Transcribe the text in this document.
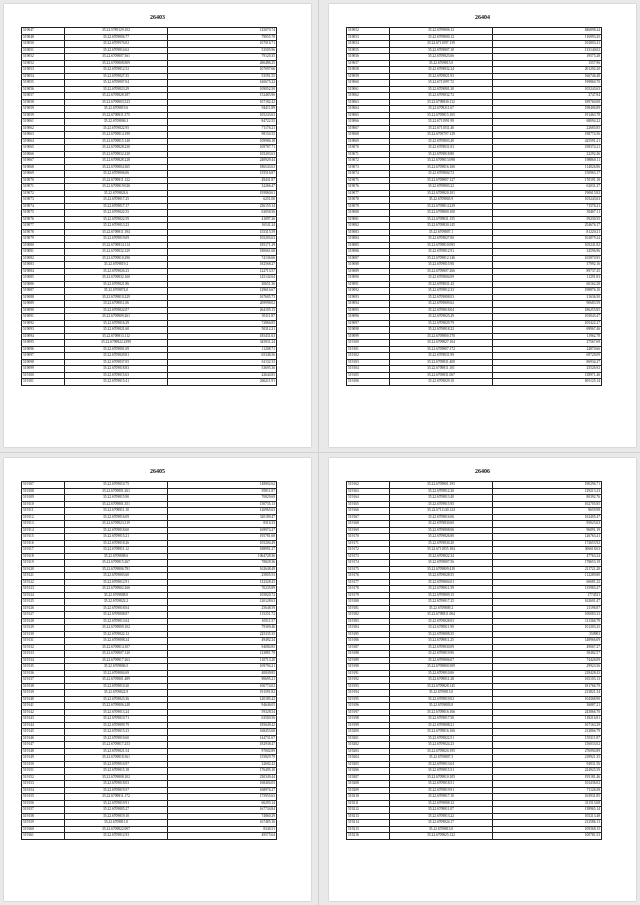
26403
519047	35.22.5789129.102	125070.74
519048	35.22.6709806.77	79055.78
519050	35.22.6709976.02	107016.71
519051	35.22.6709814.62	53505.96
519052	35.22.6709807.561	79120.35
519052	35.22.6709808.809	266486.25
519053	35.22.6709812.52	107097.66
519054	35.22.6709827.35	53591.55
519055	35.22.6709807.04	610675.22
519056	35.22.6709823.29	109052.50
519057	35.22.6709828.187	152483.96
519058	35.22.6709803.523	107182.42
519059	35.22.6709819.6	94411.89
519059	35.22.6709811.375	105243.63
519061	35.22.6709806.3	84722.55
519062	35.22.6709822.95	71176.21
519063	35.22.6709814.190	98154.55
519064	35.22.6709815.140	109986.18
519065	35.22.6709828.230	109787.71
519066	35.22.6709832.230	105203.63
519067	35.22.6709828.228	240929.44
519068	35.22.6709804.365	186543.63
519069	35.22.6709806.06	155516.87
519070	35.22.6709811.122	49431.87
519071	35.22.6709819.026	32266.47
519072	35.22.6709824.6	195860.61
519073	35.22.6709817.25	6251.00
519074	35.22.6709817.17	236155.14
519075	35.22.6709822.55	63058.56
519076	35.22.6709822.59	41097.26
519077	35.22.6709813.23	16541.24
519078	35.22.6709811.194	155315.59
519079	35.22.6709819.09	105203.63
519080	35.22.6709814.114	185171.29
519081	35.22.6709832.129	180661.68
519082	35.22.6709810.296	74136.66
519083	35.22.6709819.2	182568.27
519084	35.22.6709826.23	122713.57
519085	35.22.6709832.160	145142.64
519086	35.22.6709821.86	30651.36
519087	35.22.6709874.0	129616.67
519088	35.22.6709810.229	167605.73
519089	35.22.6709811.06	269998.02
519090	35.22.6709822.07	264105.13
519091	35.22.6709809.261	95111.87
519092	35.22.6709816.29	72866.85
519093	35.22.6709821.60	50312.21
519094	35.22.6709813.112	185431.63
519095	35.22.6709822.2399	345831.24
519096	35.22.6709801.69	11208.71
519097	35.22.6709829.81	65346.56
519098	35.22.6709837.05	61132.33
519099	35.22.6709818.83	53695.36
519100	35.22.6709815.63	42644.85
519101	35.22.6709815.41	266211.91
26404
519052	35.22.6709806.12	846898.24
519053	35.22.6709800.12	116993.45
519054	35.22.6711097.139	102803.41
519055	35.22.6709807.10	133140.02
519056	35.22.6709823.66	19575.28
519057	35.22.6709815.0	1557.96
519058	35.22.6709832.24	201292.20
519059	35.22.6709821.93	166746.48
519060	35.22.6711097.72	199860.70
519061	35.22.6709801.30	105243.63
519062	35.22.6709832.72	2747.84
519063	35.22.6709830.112	189760.08
519064	35.22.6709211.67	198406.89
519065	35.22.6709815.105	191463.78
519066	35.22.6711991.99	68094.22
519067	35.22.6711031.46	22685.85
519068	35.22.6709797.129	198774.56
519069	35.22.6709803.40	425591.21
519070	35.22.6709831.03	198374.21
519071	35.22.6709818.80	22292.46
519072	35.22.6709813.098	198860.11
519073	35.22.6709816.160	114026.86
519074	35.22.6709804.72	150963.17
519075	35.22.6709807.127	170191.18
519076	35.22.6709803.22	62031.27
519077	35.22.6709820.101	190615.82
519078	35.22.6709803.9	105243.63
519079	35.22.6709814.229	71576.21
519080	35.22.6709800.100	39467.11
519081	35.22.6709831.155	59230.55
519082	35.22.6709830.145	254676.17
519083	35.22.6709807.1	81220.21
519084	35.22.6709827.00	102879.24
519085	35.22.6709810.095	105241.82
519086	35.22.6709812.91	34596.96
519087	35.22.6709812.146	165870.95
519088	35.22.6709815.90	37992.16
519089	35.22.6709807.266	89737.45
519090	35.22.6709804.09	11291.83
519091	35.22.6709831.43	60162.28
519092	35.22.6709812.33	198876.10
519093	35.22.6709808.03	21636.50
519094	35.22.6709809.62	90683.59
519095	35.22.6709818.04	186255.85
519096	35.22.6709825.49	105043.47
519097	35.22.6709829.79	105422.27
519098	35.22.6709818.22	69967.46
519099	35.22.6709800.170	11962.78
519100	35.22.6709827.104	27567.69
519101	35.22.6709807.172	24870.66
519102	35.22.6709831.99	69729.09
519103	35.22.6709831.400	86934.27
519104	35.22.6709811.101	25526.92
519105	35.22.6709831.067	138971.46
519106	35.22.6709829.10	691125.14
26405
519107	35.22.6709810.75	148802.62
519108	35.22.6709801.261	95811.87
519109	35.22.6709815.90	70829.69
519110	35.22.6709801.351	150735.13
519111	35.22.6709811.10	126965.63
519112	35.22.6709816.09	320189.47
519113	35.22.6709823.319	8316.33
519114	35.22.6709818.60	169974.27
519115	35.22.6709815.21	195781.68
519116	35.22.6709818.26	105204.49
519117	35.22.6709811.12	188991.27
519118	35.22.6709808.6	1064728.36
519119	35.22.6709815.267	78828.36
519120	35.22.6709806.781	162648.49
519121	35.22.6709803.60	25805.53
519122	35.22.6709812.91	132328.43
519123	35.22.6709802.266	70235.89
519124	35.22.6709808.0	105820.72
519125	35.22.6709822.2	120128.63
519126	35.22.6709818.04	25648.59
519127	35.22.6709808.87	115251.72
519128	35.22.6709813.04	10511.57
519129	35.22.6709809.102	79309.46
519130	35.22.6709822.12	225335.35
519131	35.22.6709808.24	49492.24
519132	35.22.6709814.107	94084.85
519133	35.22.6709807.120	123881.79
519134	35.22.6709817.263	110713.20
519135	35.22.6709806.5	109794.21
519136	35.22.6709804.69	40849.85
519137	35.22.6709801.489	90695.21
519138	35.22.6709810.20	100774.02
519139	35.22.6709822.9	191591.82
519140	35.22.6709823.36	120185.42
519141	35.22.6709806.248	94646.05
519142	35.22.6709813.24	59328.54
519143	35.22.6709810.71	63569.56
519144	35.22.6709809.79	185649.42
519145	35.22.6709815.23	168453.68
519146	35.22.6709810.60	144731.67
519147	35.22.6709817.253	182938.47
519148	35.22.6709821.54	97002.89
519149	35.22.6709818.361	155829.79
519150	35.22.6709816.97	32692.42
519151	35.22.6709815.18	176495.10
519152	35.22.6709808.102	230349.44
519153	35.22.6709818.03	168404.05
519154	35.22.6709819.57	168976.27
519155	35.22.6709811.172	175955.63
519156	35.22.6709819.91	66293.14
519157	35.22.6709805.27	167734.84
519158	35.22.6709819.10	74860.29
519159	35.22.6709811.0	167485.16
519160	35.22.6709822.907	8340.51
519161	35.22.6709812.93	49575.64
26406
519162	35.22.6709801.193	190296.71
519163	35.22.6709812.20	129213.23
519164	35.22.6709813.40	80392.76
519165	35.22.6709815.95	162705.85
519166	35.22.6711140.124	8659.98
519167	35.22.6709816.06	162405.47
519168	35.22.6709830.60	95023.63
519169	35.22.6709808.06	96091.19
519170	35.22.6709826.80	126763.41
519171	35.22.6709830.20	172653.92
519172	35.22.6711855.184	306618.63
519173	35.22.6709822.34	47763.24
519174	35.22.6709807.56	178653.19
519175	35.22.6709809.410	211721.20
519176	35.22.6709828.55	112289.80
519177	35.22.6709804.01	60681.22
519178	35.22.6709811.59	135983.47
519179	35.22.6709809.15	1774531
519180	35.22.6709817.25	162601.47
519181	35.22.6709809.2	21196.87
519182	35.22.6709811.064	100083.33
519183	35.22.6709828.03	111366.79
519184	35.22.6709811.99	101203.25
519185	35.22.6709808.35	350903
519186	35.22.6709811.25	148966.09
519187	35.22.6709830.09	49067.27
519188	35.22.6709819.90	58482.57
519189	35.22.6709806.07	74426.09
519190	35.22.6709800.509	29923.56
519191	35.22.6709810.06	218428.43
519192	35.22.6709811.28	165103.13
519193	35.22.6709828.145	181766.79
519194	35.22.6709813.0	213821.34
519195	35.22.6709819.02	104368.90
519196	35.22.6709803.0	36887.21
519197	35.22.6709816.166	243866.70
519198	35.22.6709817.50	118216.81
519199	35.22.6709808.21	167163.29
519200	35.22.6709816.166	212866.79
519201	35.22.6709822.51	155311.87
519202	35.22.6709824.23	156033.02
519203	35.22.6709820.195	276994.89
519204	35.22.6709807.3	218921.35
519205	35.22.6709813.04	94931.56
519206	35.22.6709815.51	224925.59
519207	35.22.6709810.105	195181.46
519208	35.22.6709818.51	103436.02
519209	35.22.6709819.91	71126.58
519210	35.22.6709817.10	163931.85
519211	35.22.6709808.12	311513.68
519212	35.22.6709811.07	138965.14
519213	35.22.6709813.22	105213.48
519214	35.22.6709824.17	212586.13
519215	35.22.6709813.0	109368.15
519216	35.22.6709825.122	100781.53
